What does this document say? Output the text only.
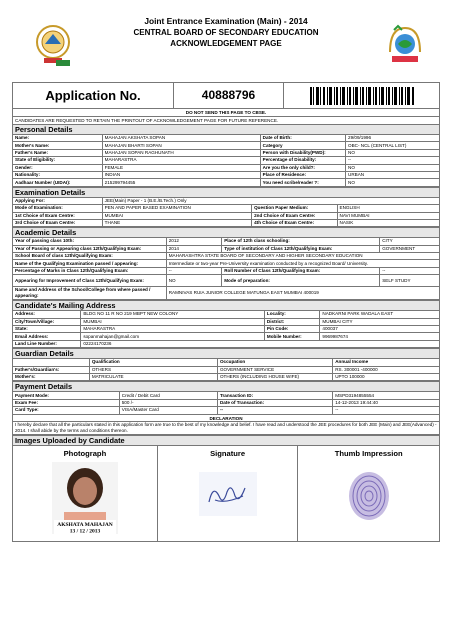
Joint Entrance Examination (Main) - 2014
CENTRAL BOARD OF SECONDARY EDUCATION
ACKNOWLEDGEMENT PAGE
Application No.	40888796
DO NOT SEND THIS PAGE TO CBSE.
CANDIDATES ARE REQUESTED TO RETAIN THE PRINTOUT OF ACKNOWLEDGEMENT PAGE FOR FUTURE REFERENCE.
Personal Details
Name:	MAHAJAN AKSHATA SOPAN	Date of Birth:	29/09/1996
Mother's Name:	MAHAJAN BHARTI SOPAN	Category	OBC- NCL (CENTRAL LIST)
Father's Name:	MAHAJAN SOPAN RAGHUNATH	Person with Disability(PWD):	NO
State of Eligibility:	MAHARASTRA	Percentage of Disability:	--
Gender:	FEMALE	Are you the only child?:	NO
Nationality:	INDIAN	Place of Residence:	URBAN
Aadhaar Number (UIDAI):	215299794455	You need scribe/reader ?:	NO
Examination Details
Applying For:	JEE(Main) Paper - 1 (B.E./B.Tech.) Only		
Mode of Examination:	PEN AND PAPER BASED EXAMINATION	Question Paper Medium:	ENGLISH
1st Choice of Exam Centre:	MUMBAI	2nd Choice of Exam Centre:	NAVI MUMBAI
3rd Choice of Exam Centre:	THANE	4th Choice of Exam Centre:	NASIK
Academic Details
Year of passing class 10th:	2012	Place of 12th class schooling:	CITY
Year of Passing or Appearing class 12th/Qualifying Exam:	2014	Type of institution of Class 12th/Qualifying Exam:	GOVERNMENT
School Board of class 12th/Qualifying Exam:	MAHARASHTRA STATE BOARD OF SECONDARY AND HIGHER SECONDARY EDUCATION		
Name of the Qualifying Examination passed / appearing:	Intermediate or two-year Pre-University examination conducted by a recognized Board/ University.		
Percentage of Marks in Class 12th/Qualifying Exam:	--	Roll Number of Class 12th/Qualifying Exam:	--
Appearing for Improvement of Class 12th/Qualifying Exam:	NO	Mode of preparation:	SELF STUDY
Name and Address of the School/College from where passed / appearing:	RAMNIVAS RUIA JUNIOR COLLEGE MATUNGA EAST MUMBAI 400019		
Candidate's Mailing Address
Address:	BLDG NO 11 R NO 219 MBPT NEW COLONY	Locality:	NADKARNI PARK WADALA EAST
City/Town/Village:	MUMBAI	District:	MUMBAI CITY
State:	MAHARASTRA	Pin Code:	400037
Email Address:	sopanmahajan@gmail.com	Mobile Number:	9969987674
Land Line Number:	02224170236		
Guardian Details
	Qualification	Occupation	Annual Income
Father's/Guardian's:	OTHERS	GOVERNMENT SERVICE	RS. 300001 -400000
Mother's:	MATRICULATE	OTHERS (INCLUDING HOUSE WIFE)	UPTO 100000
Payment Details
Payment Mode:	Credit / Debit Card	Transaction ID:	MSPD3194855554
Exam Fee:	500 /-	Date of Transaction:	14-12-2013 19:44:40
Card Type:	VISA/Master Card	--	--
DECLARATION
I hereby declare that all the particulars stated in this application form are true to the best of my knowledge and belief. I have read and understood the JEE procedures for both JEE (Main) and JEE(Advanced) - 2014. I shall abide by the terms and conditions thereon.
Images Uploaded by Candidate
Photograph
AKSHATA MAHAJAN
13 / 12 / 2013
Signature	Thumb Impression
